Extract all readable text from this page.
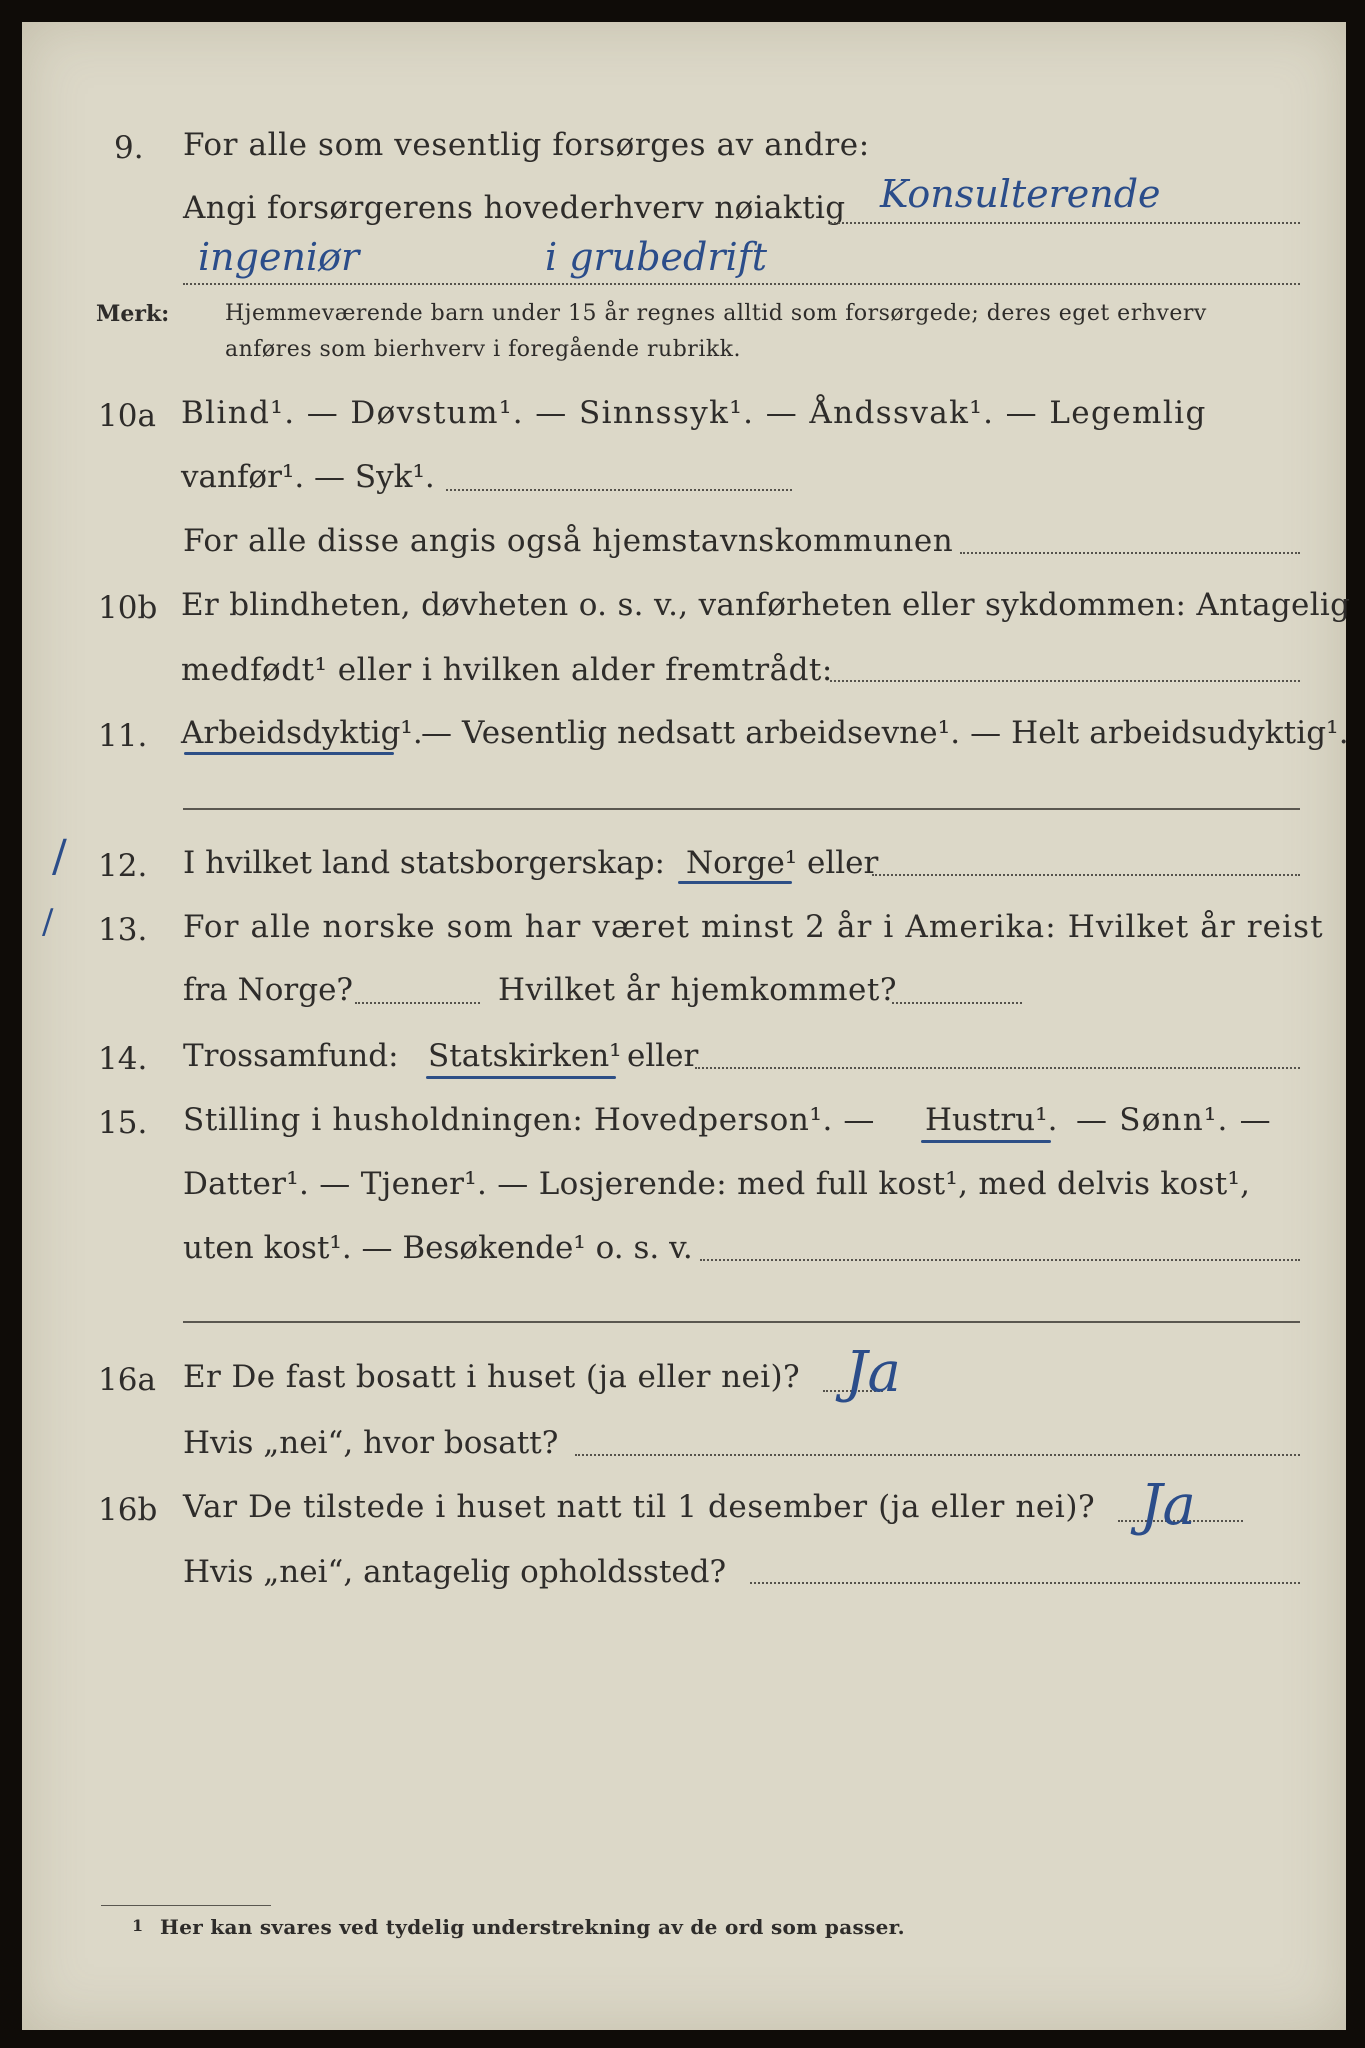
9. For alle som vesentlig forsørges av andre:
Angi forsørgerens hovederhverv nøiaktig Konsulterende
ingeniør	i grubedrift
Merk:	Hjemmeværende barn under 15 år regnes alltid som forsørgede; deres eget erhverv
anføres som bierhverv i foregående rubrikk.
10a Blind¹. — Døvstum¹. — Sinnssyk¹. — Åndssvak¹. — Legemlig
vanfør¹. — Syk¹.
For alle disse angis også hjemstavnskommunen
10b Er blindheten, døvheten o. s. v., vanførheten eller sykdommen: Antagelig
medfødt¹ eller i hvilken alder fremtrådt:
11. Arbeidsdyktig¹.
— Vesentlig nedsatt arbeidsevne¹. — Helt arbeidsudyktig¹.
/ 12. I hvilket land statsborgerskap: Norge¹ eller
/ 13. For alle norske som har været minst 2 år i Amerika: Hvilket år reist
fra Norge?	Hvilket år hjemkommet?
14. Trossamfund: Statskirken¹ eller
15. Stilling i husholdningen: Hovedperson¹. — Hustru¹. — Sønn¹. —
Datter¹. — Tjener¹. — Losjerende: med full kost¹, med delvis kost¹,
uten kost¹. — Besøkende¹ o. s. v.
16a Er De fast bosatt i huset (ja eller nei)? Ja
Hvis „nei“, hvor bosatt?
16b Var De tilstede i huset natt til 1 desember (ja eller nei)? Ja
Hvis „nei“, antagelig opholdssted?
1 Her kan svares ved tydelig understrekning av de ord som passer.
